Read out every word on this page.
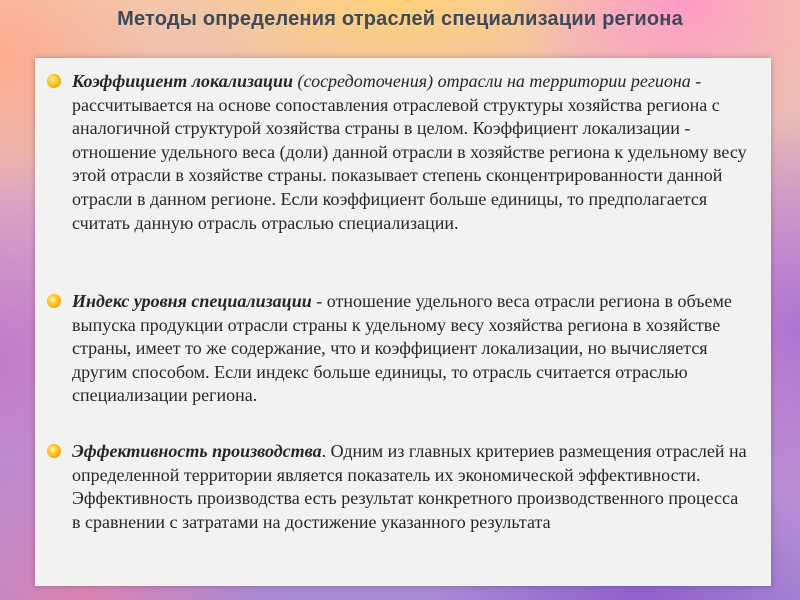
Методы определения отраслей специализации региона
Коэффициент локализации (сосредоточения) отрасли на территории региона - рассчитывается на основе сопоставления отраслевой структуры хозяйства региона с аналогичной структурой хозяйства страны в целом. Коэффициент локализации - отношение удельного веса (доли) данной отрасли в хозяйстве региона к удельному весу этой отрасли в хозяйстве страны. показывает степень сконцентрированности данной отрасли в данном регионе. Если коэффициент больше единицы, то предполагается считать данную отрасль отраслью специализации.
Индекс уровня специализации - отношение удельного веса отрасли региона в объеме выпуска продукции отрасли страны к удельному весу хозяйства региона в хозяйстве страны, имеет то же содержание, что и коэффициент локализации, но вычисляется другим способом. Если индекс больше единицы, то отрасль считается отраслью специализации региона.
Эффективность производства. Одним из главных критериев размещения отраслей на определенной территории является показатель их экономической эффективности. Эффективность производства есть результат конкретного производственного процесса в сравнении с затратами на достижение указанного результата
